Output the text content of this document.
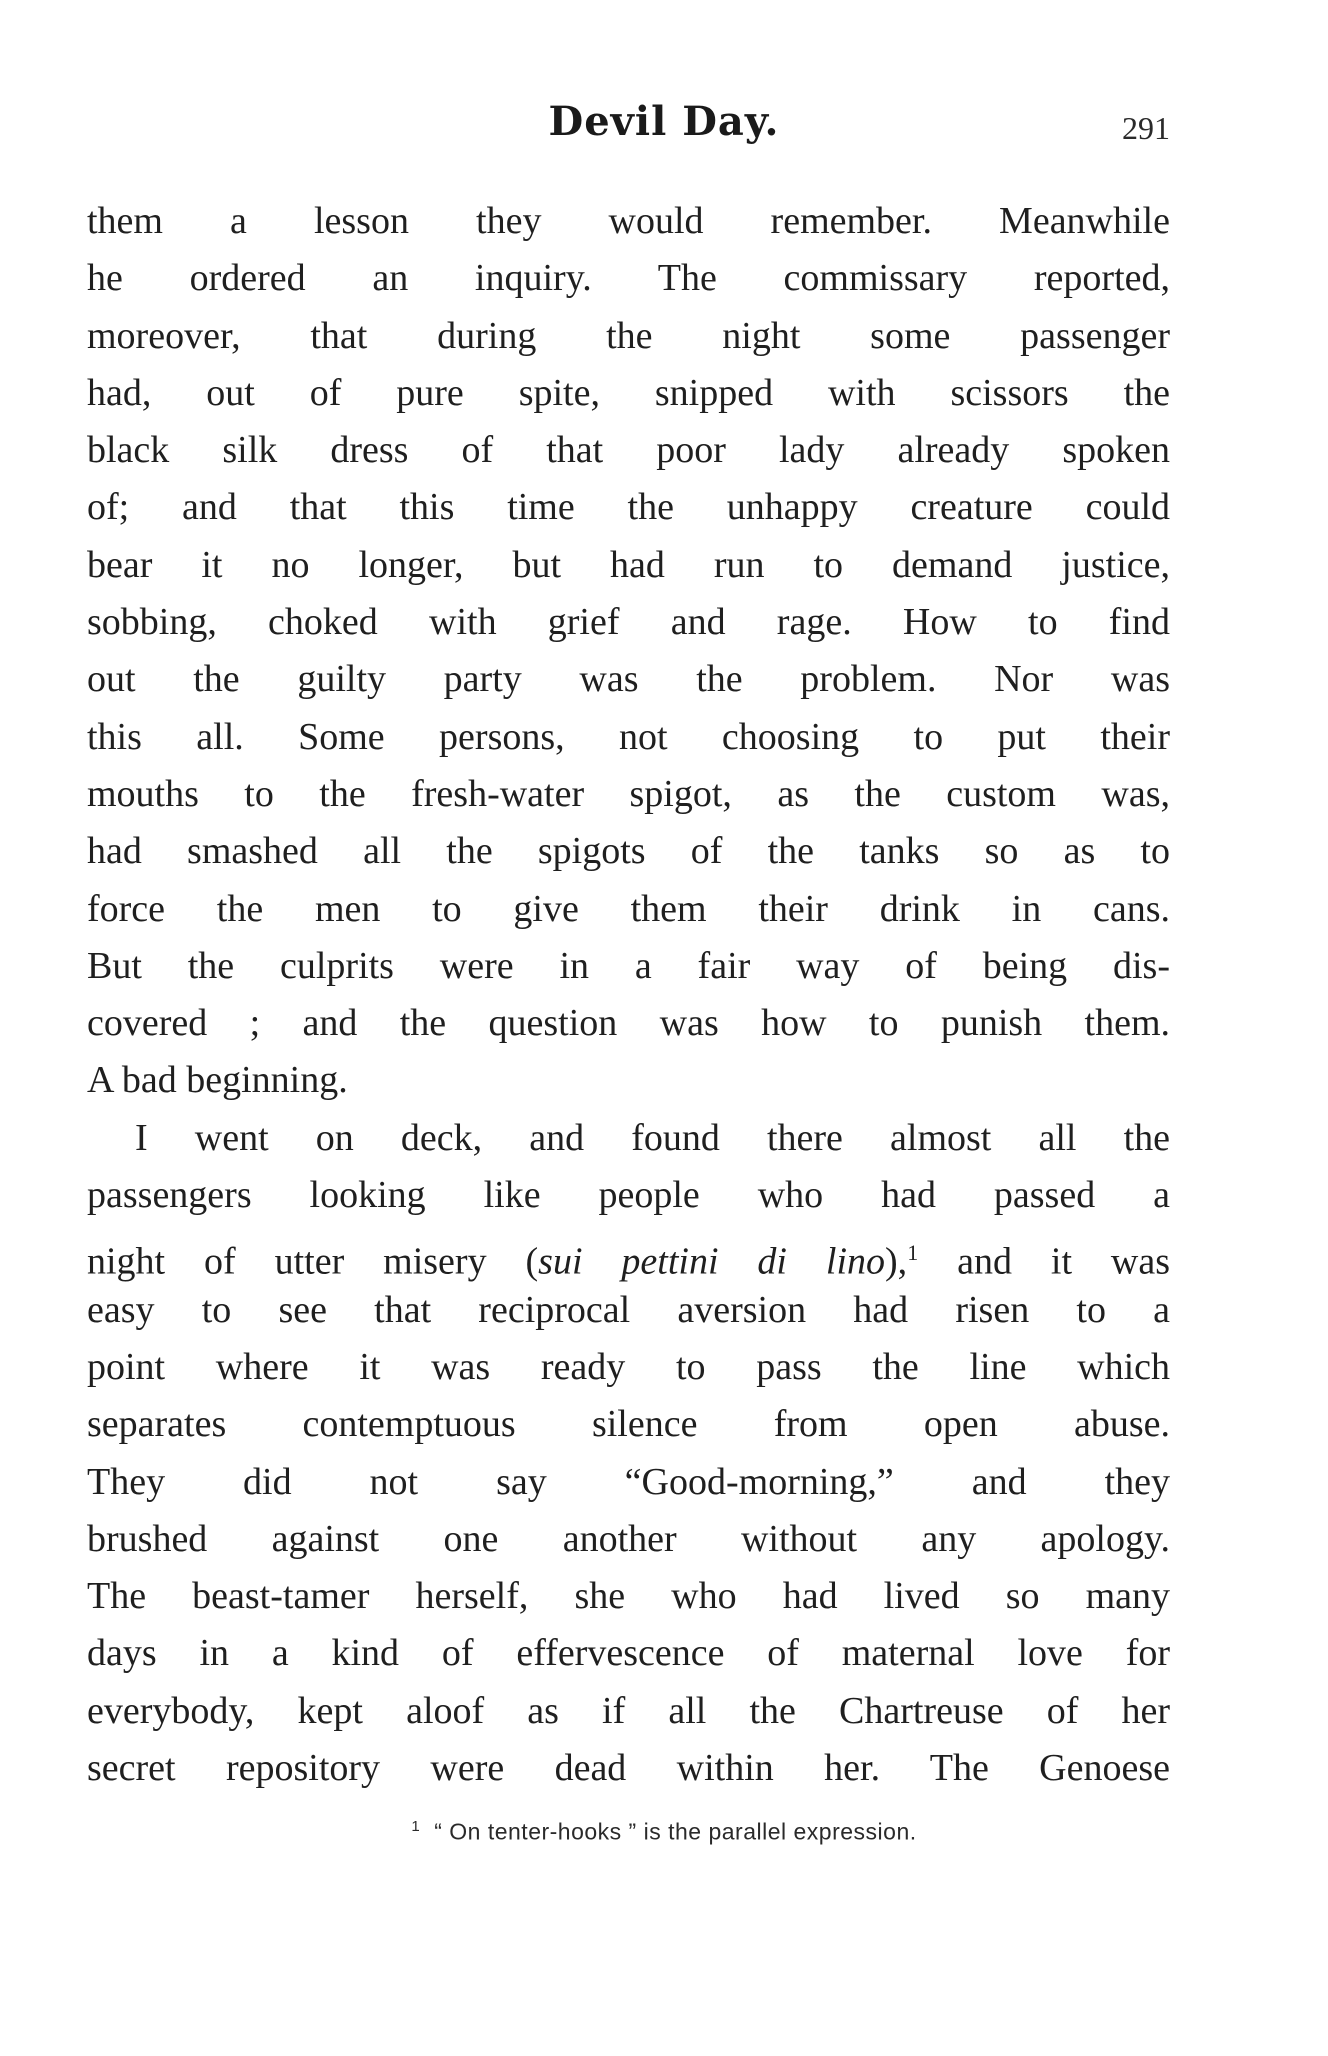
Devil Day.	291
them a lesson they would remember. Meanwhile
he ordered an inquiry. The commissary reported,
moreover, that during the night some passenger
had, out of pure spite, snipped with scissors the
black silk dress of that poor lady already spoken
of; and that this time the unhappy creature could
bear it no longer, but had run to demand justice,
sobbing, choked with grief and rage. How to find
out the guilty party was the problem. Nor was
this all. Some persons, not choosing to put their
mouths to the fresh-water spigot, as the custom was,
had smashed all the spigots of the tanks so as to
force the men to give them their drink in cans.
But the culprits were in a fair way of being dis-
covered ; and the question was how to punish them.
A bad beginning.
I went on deck, and found there almost all the
passengers looking like people who had passed a
night of utter misery (sui pettini di lino),$^1$ and it was
easy to see that reciprocal aversion had risen to a
point where it was ready to pass the line which
separates contemptuous silence from open abuse.
They did not say “Good-morning,” and they
brushed against one another without any apology.
The beast-tamer herself, she who had lived so many
days in a kind of effervescence of maternal love for
everybody, kept aloof as if all the Chartreuse of her
secret repository were dead within her. The Genoese
$^1$ “ On tenter-hooks ” is the parallel expression.
